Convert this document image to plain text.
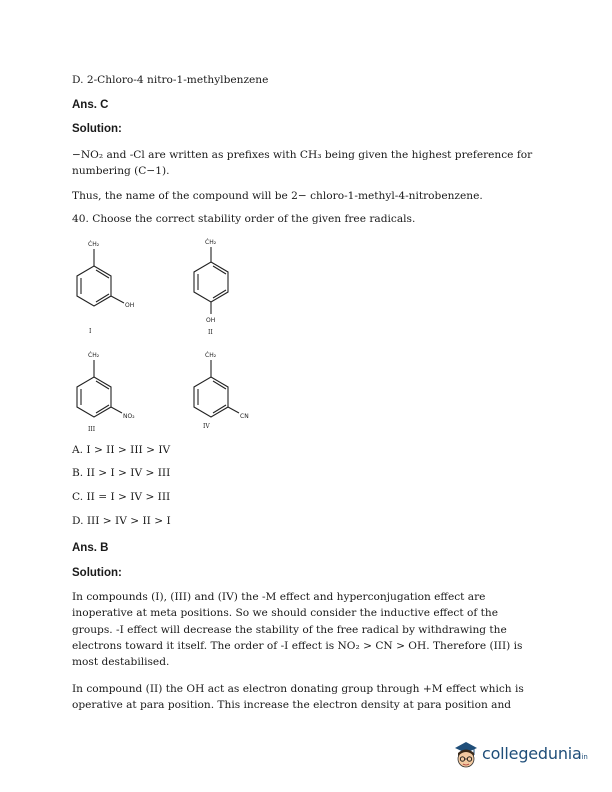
D. 2-Chloro-4 nitro-1-methylbenzene
Ans. C
Solution:
−NO₂ and -Cl are written as prefixes with CH₃ being given the highest preference for numbering (C−1).
Thus, the name of the compound will be 2− chloro-1-methyl-4-nitrobenzene.
40. Choose the correct stability order of the given free radicals.
ĊH₂
OH
I
ĊH₂
OH
II
ĊH₂
NO₂
III
ĊH₂
CN
IV
A. I > II > III > IV
B. II > I > IV > III
C. II = I > IV > III
D. III > IV > II > I
Ans. B
Solution:
In compounds (I), (III) and (IV) the -M effect and hyperconjugation effect are inoperative at meta positions. So we should consider the inductive effect of the groups. -I effect will decrease the stability of the free radical by withdrawing the electrons toward it itself. The order of -I effect is NO₂ > CN > OH. Therefore (III) is most destabilised.
In compound (II) the OH act as electron donating group through +M effect which is operative at para position. This increase the electron density at para position and
collegeduniain
